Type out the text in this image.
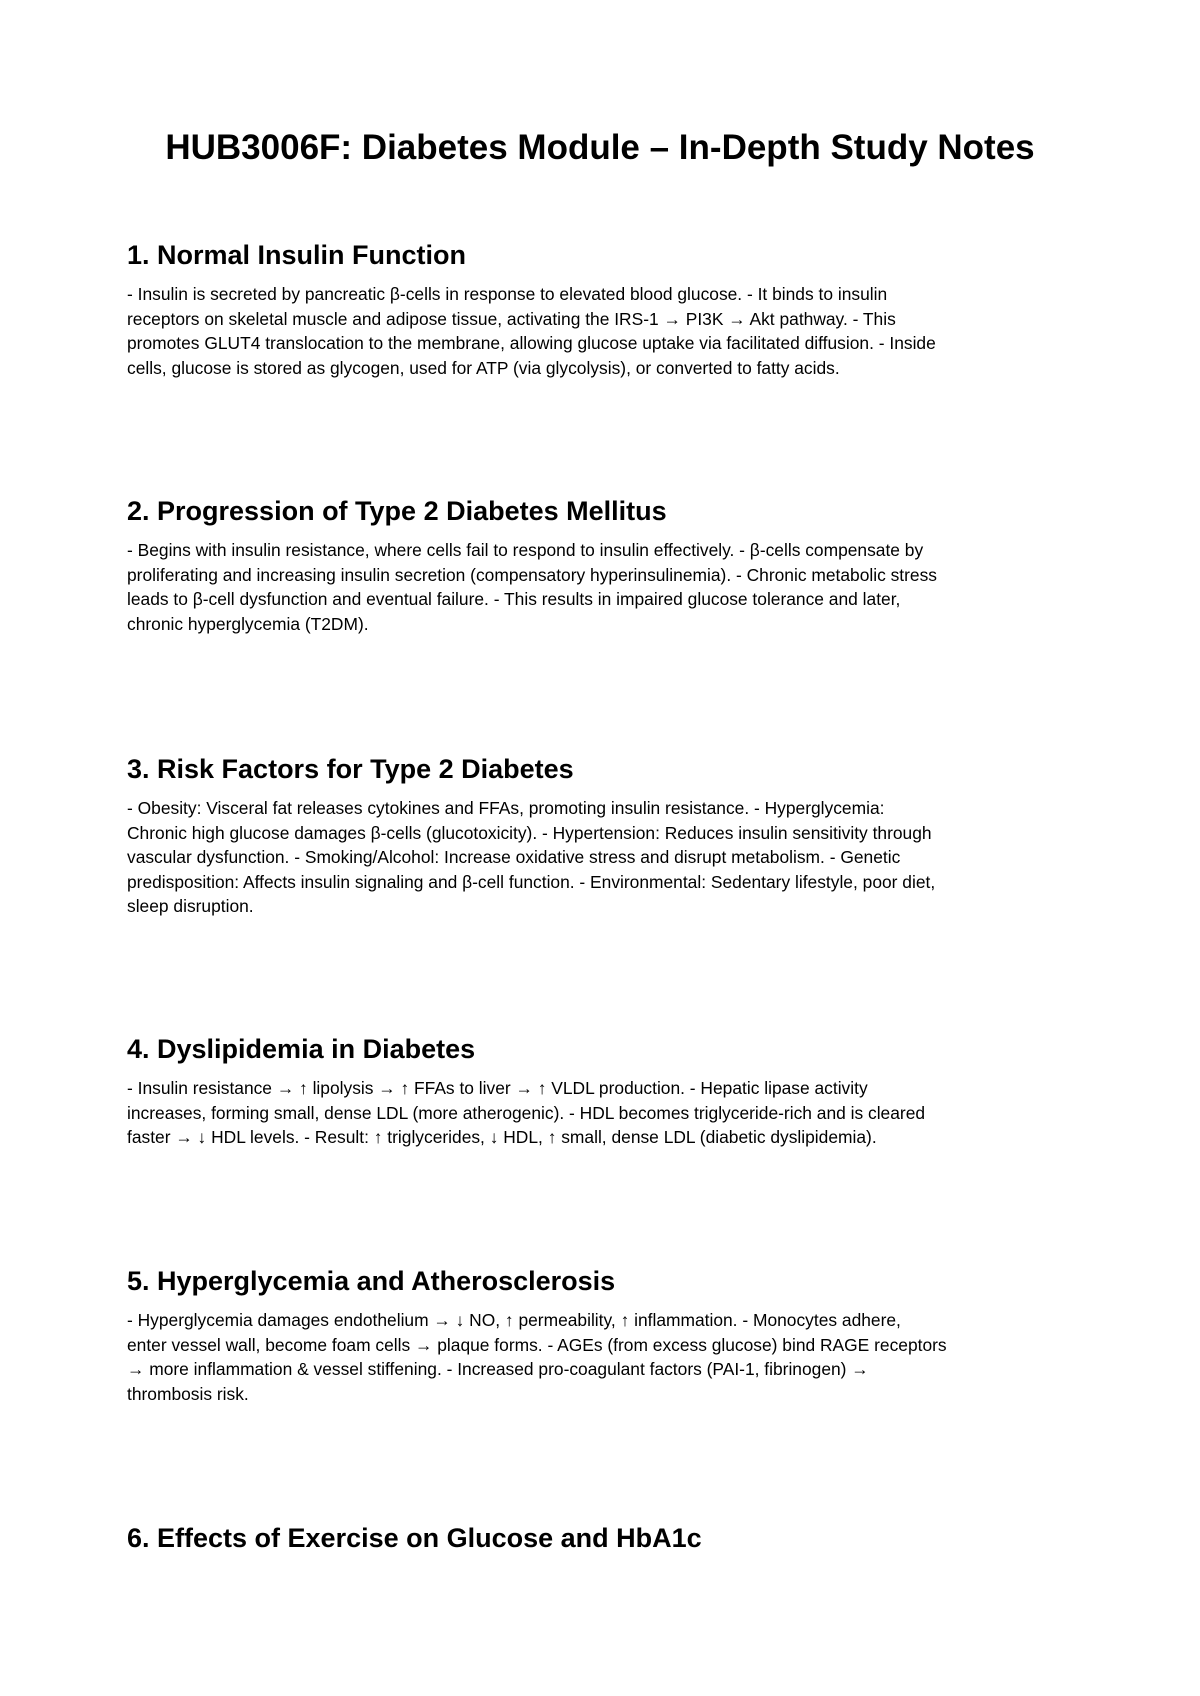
HUB3006F: Diabetes Module – In-Depth Study Notes
1. Normal Insulin Function

- Insulin is secreted by pancreatic β-cells in response to elevated blood glucose. - It binds to insulin
receptors on skeletal muscle and adipose tissue, activating the IRS-1 → PI3K → Akt pathway. - This
promotes GLUT4 translocation to the membrane, allowing glucose uptake via facilitated diffusion. - Inside
cells, glucose is stored as glycogen, used for ATP (via glycolysis), or converted to fatty acids.

2. Progression of Type 2 Diabetes Mellitus

- Begins with insulin resistance, where cells fail to respond to insulin effectively. - β-cells compensate by
proliferating and increasing insulin secretion (compensatory hyperinsulinemia). - Chronic metabolic stress
leads to β-cell dysfunction and eventual failure. - This results in impaired glucose tolerance and later,
chronic hyperglycemia (T2DM).

3. Risk Factors for Type 2 Diabetes

- Obesity: Visceral fat releases cytokines and FFAs, promoting insulin resistance. - Hyperglycemia:
Chronic high glucose damages β-cells (glucotoxicity). - Hypertension: Reduces insulin sensitivity through
vascular dysfunction. - Smoking/Alcohol: Increase oxidative stress and disrupt metabolism. - Genetic
predisposition: Affects insulin signaling and β-cell function. - Environmental: Sedentary lifestyle, poor diet,
sleep disruption.

4. Dyslipidemia in Diabetes

- Insulin resistance → ↑ lipolysis → ↑ FFAs to liver → ↑ VLDL production. - Hepatic lipase activity
increases, forming small, dense LDL (more atherogenic). - HDL becomes triglyceride-rich and is cleared
faster → ↓ HDL levels. - Result: ↑ triglycerides, ↓ HDL, ↑ small, dense LDL (diabetic dyslipidemia).

5. Hyperglycemia and Atherosclerosis

- Hyperglycemia damages endothelium → ↓ NO, ↑ permeability, ↑ inflammation. - Monocytes adhere,
enter vessel wall, become foam cells → plaque forms. - AGEs (from excess glucose) bind RAGE receptors
→ more inflammation & vessel stiffening. - Increased pro-coagulant factors (PAI-1, fibrinogen) →
thrombosis risk.

6. Effects of Exercise on Glucose and HbA1c
